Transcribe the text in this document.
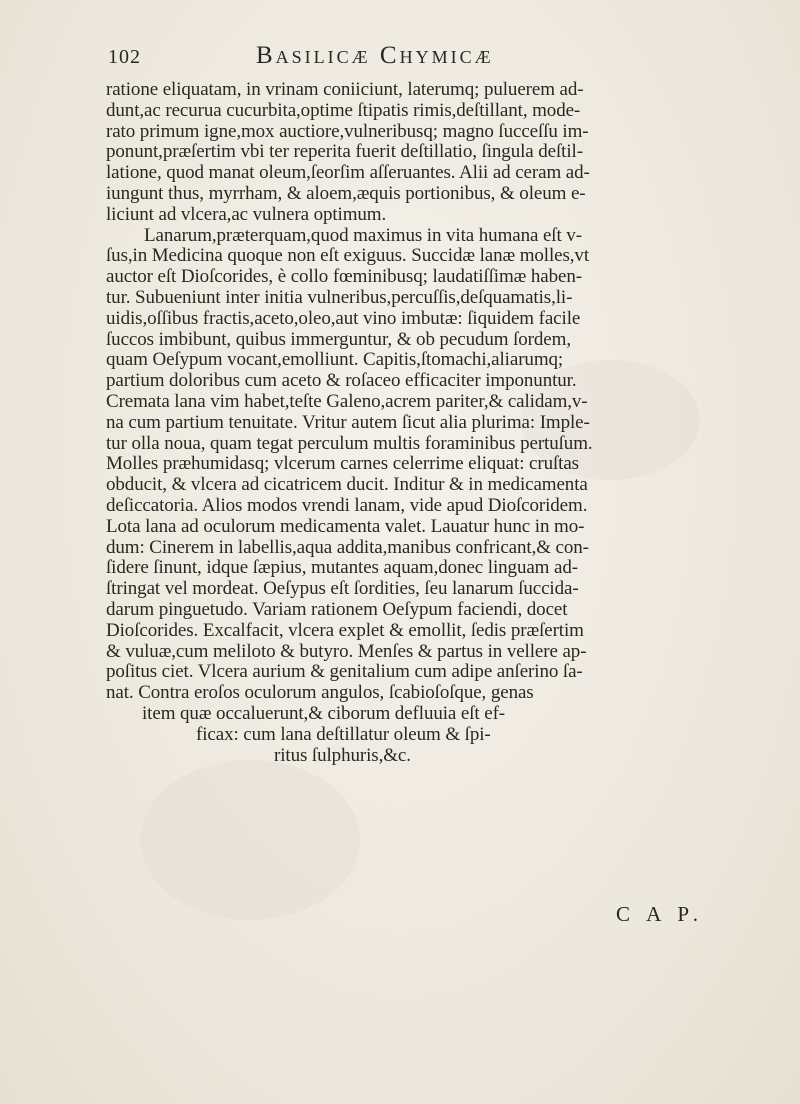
102	Basilicæ Chymicæ
ratione eliquatam, in vrinam coniiciunt, laterumq; puluerem ad-
dunt,ac recurua cucurbita,optime ſtipatis rimis,deſtillant, mode-
rato primum igne,mox auctiore,vulneribusq; magno ſucceſſu im-
ponunt,præſertim vbi ter reperita fuerit deſtillatio, ſingula deſtil-
latione, quod manat oleum,ſeorſim aſſeruantes. Alii ad ceram ad-
iungunt thus, myrrham, & aloem,æquis portionibus, & oleum e-
liciunt ad vlcera,ac vulnera optimum.
Lanarum,præterquam,quod maximus in vita humana eſt v-
ſus,in Medicina quoque non eſt exiguus. Succidæ lanæ molles,vt
auctor eſt Dioſcorides, è collo fœminibusq; laudatiſſimæ haben-
tur. Subueniunt inter initia vulneribus,percuſſis,deſquamatis,li-
uidis,oſſibus fractis,aceto,oleo,aut vino imbutæ: ſiquidem facile
ſuccos imbibunt, quibus immerguntur, & ob pecudum ſordem,
quam Oeſypum vocant,emolliunt. Capitis,ſtomachi,aliarumq;
partium doloribus cum aceto & roſaceo efficaciter imponuntur.
Cremata lana vim habet,teſte Galeno,acrem pariter,& calidam,v-
na cum partium tenuitate. Vritur autem ſicut alia plurima: Imple-
tur olla noua, quam tegat perculum multis foraminibus pertuſum.
Molles præhumidasq; vlcerum carnes celerrime eliquat: cruſtas
obducit, & vlcera ad cicatricem ducit. Inditur & in medicamenta
deſiccatoria. Alios modos vrendi lanam, vide apud Dioſcoridem.
Lota lana ad oculorum medicamenta valet. Lauatur hunc in mo-
dum: Cinerem in labellis,aqua addita,manibus confricant,& con-
ſidere ſinunt, idque ſæpius, mutantes aquam,donec linguam ad-
ſtringat vel mordeat. Oeſypus eſt ſordities, ſeu lanarum ſuccida-
darum pinguetudo. Variam rationem Oeſypum faciendi, docet
Dioſcorides. Excalfacit, vlcera explet & emollit, ſedis præſertim
& vuluæ,cum meliloto & butyro. Menſes & partus in vellere ap-
poſitus ciet. Vlcera aurium & genitalium cum adipe anſerino ſa-
nat. Contra eroſos oculorum angulos, ſcabioſoſque, genas
item quæ occaluerunt,& ciborum defluuia eſt ef-
ficax: cum lana deſtillatur oleum & ſpi-
ritus ſulphuris,&c.
C A P.
